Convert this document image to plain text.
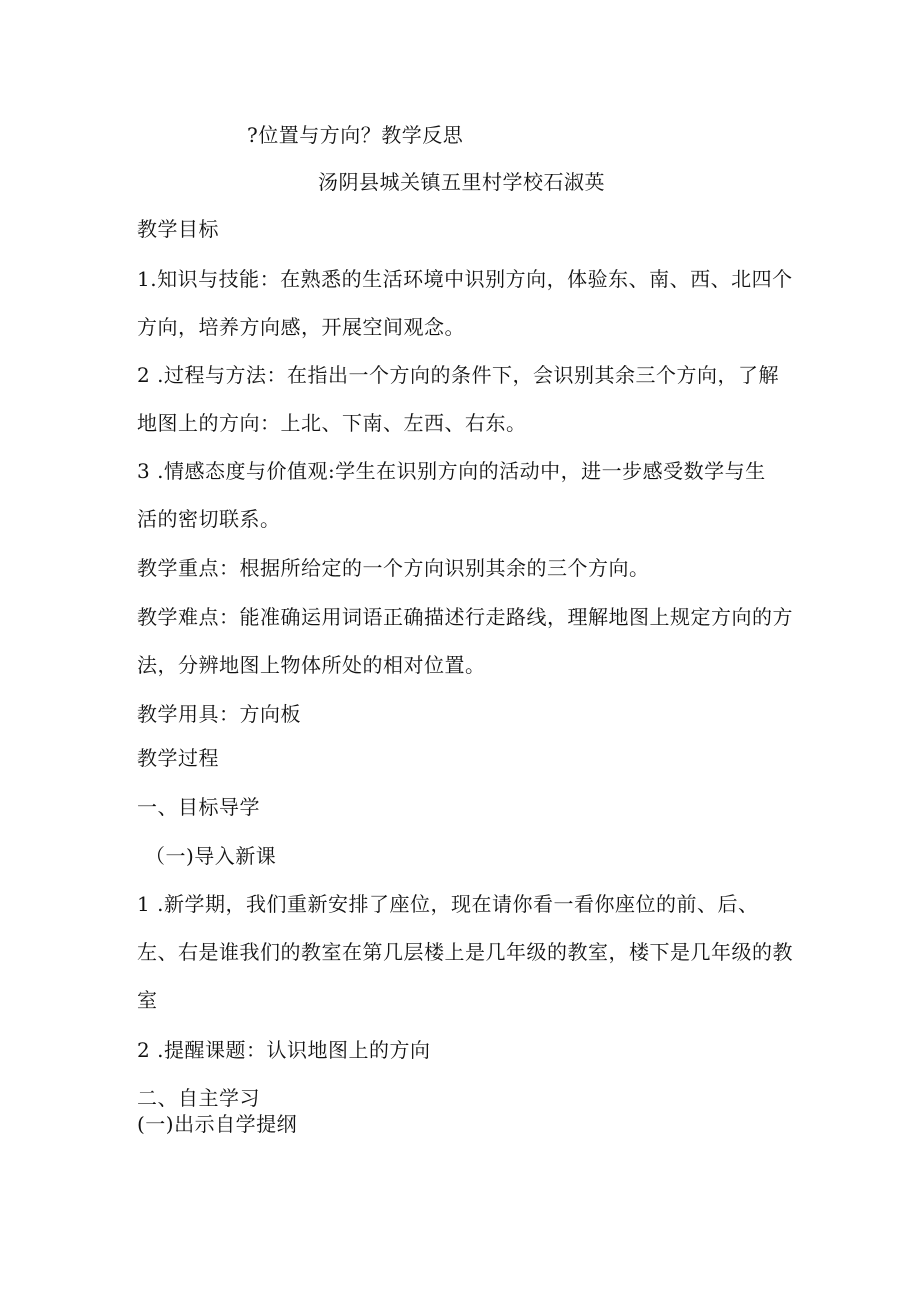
?位置与方向？教学反思
汤阴县城关镇五里村学校石淑英
教学目标
1.知识与技能：在熟悉的生活环境中识别方向，体验东、南、西、北四个
方向，培养方向感，开展空间观念。
2 .过程与方法：在指出一个方向的条件下，会识别其余三个方向，了解
地图上的方向：上北、下南、左西、右东。
3 .情感态度与价值观:学生在识别方向的活动中，进一步感受数学与生
活的密切联系。
教学重点：根据所给定的一个方向识别其余的三个方向。
教学难点：能准确运用词语正确描述行走路线，理解地图上规定方向的方
法，分辨地图上物体所处的相对位置。
教学用具：方向板
教学过程
一、目标导学
（一)导入新课
1 .新学期，我们重新安排了座位，现在请你看一看你座位的前、后、
左、右是谁我们的教室在第几层楼上是几年级的教室，楼下是几年级的教
室
2 .提醒课题：认识地图上的方向
二、自主学习
(一)出示自学提纲
